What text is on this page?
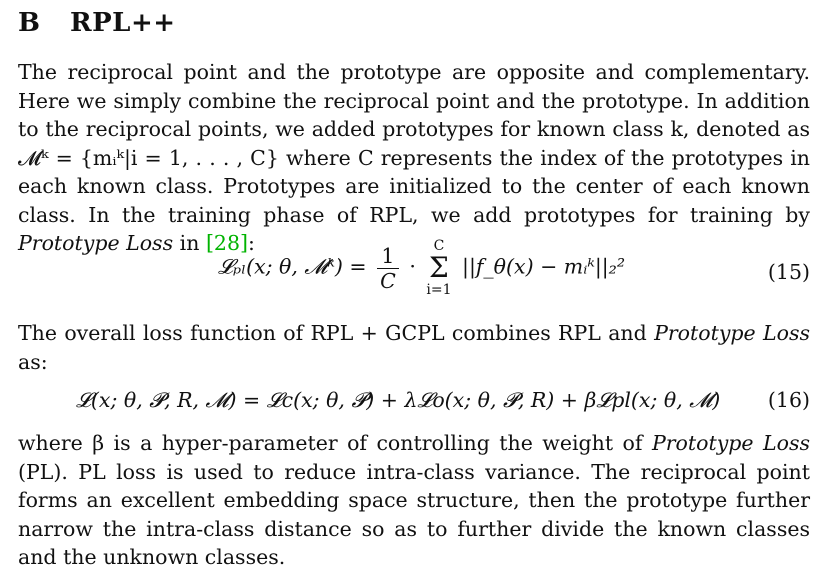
B RPL++
The reciprocal point and the prototype are opposite and complementary. Here we simply combine the reciprocal point and the prototype. In addition to the reciprocal points, we added prototypes for known class k, denoted as 𝓜ᵏ = {mᵢᵏ|i = 1, . . . , C} where C represents the index of the prototypes in each known class. Prototypes are initialized to the center of each known class. In the training phase of RPL, we add prototypes for training by Prototype Loss in [28]:
𝓛ₚₗ(x; θ, 𝓜ᵏ) = $\frac{1}{C}$ ·
C
Σ
i=1
||f_θ(x) − mᵢᵏ||₂²	(15)
The overall loss function of RPL + GCPL combines RPL and Prototype Loss as:
𝓛(x; θ, 𝓟, R, 𝓜) = 𝓛c(x; θ, 𝓟) + λ𝓛o(x; θ, 𝓟, R) + β𝓛pl(x; θ, 𝓜) (16)
where β is a hyper-parameter of controlling the weight of Prototype Loss (PL). PL loss is used to reduce intra-class variance. The reciprocal point forms an excellent embedding space structure, then the prototype further narrow the intra-class distance so as to further divide the known classes and the unknown classes.
